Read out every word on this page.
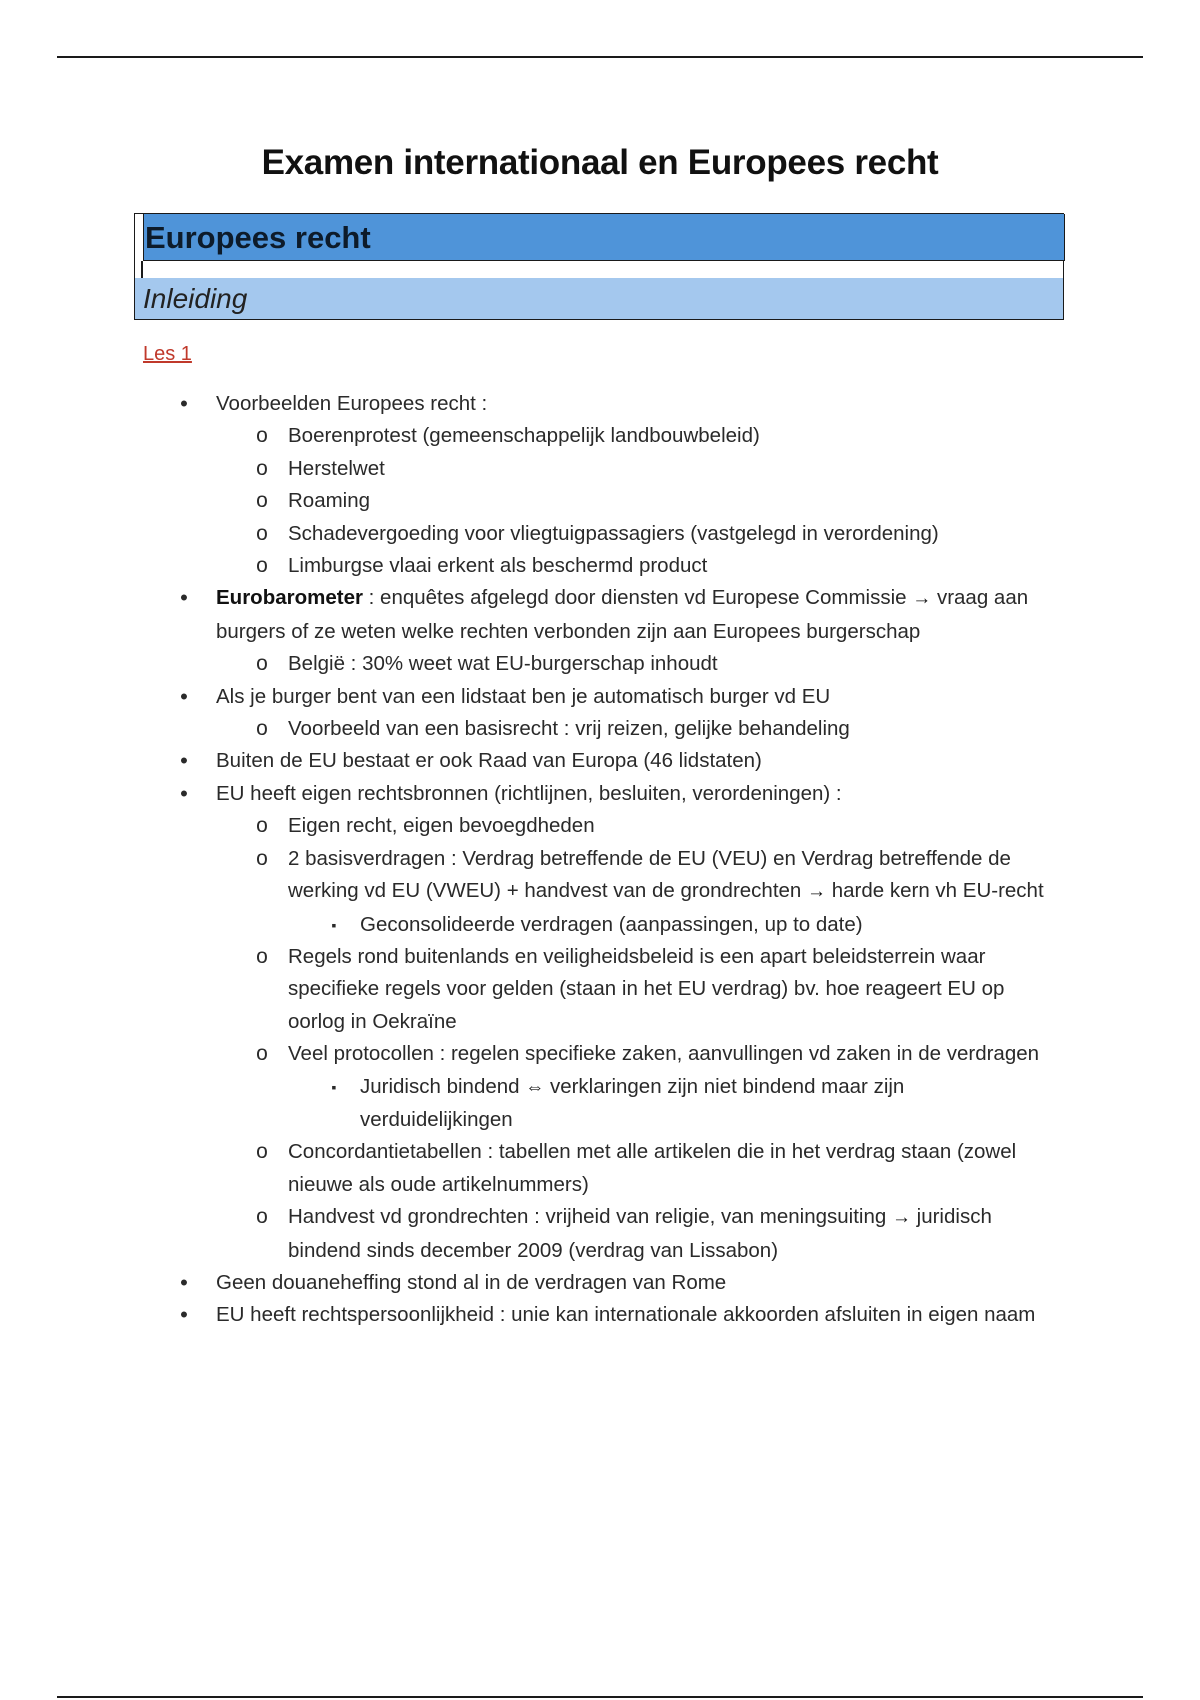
Examen internationaal en Europees recht
Europees recht
Inleiding

Les 1

•	Voorbeelden Europees recht :
o Boerenprotest (gemeenschappelijk landbouwbeleid)
o Herstelwet
o Roaming
o Schadevergoeding voor vliegtuigpassagiers (vastgelegd in verordening)
o Limburgse vlaai erkent als beschermd product
•	Eurobarometer : enquêtes afgelegd door diensten vd Europese Commissie → vraag aan burgers of ze weten welke rechten verbonden zijn aan Europees burgerschap
o België : 30% weet wat EU-burgerschap inhoudt
•	Als je burger bent van een lidstaat ben je automatisch burger vd EU
o Voorbeeld van een basisrecht : vrij reizen, gelijke behandeling
•	Buiten de EU bestaat er ook Raad van Europa (46 lidstaten)
•	EU heeft eigen rechtsbronnen (richtlijnen, besluiten, verordeningen) :
o Eigen recht, eigen bevoegdheden
o 2 basisverdragen : Verdrag betreffende de EU (VEU) en Verdrag betreffende de werking vd EU (VWEU) + handvest van de grondrechten → harde kern vh EU-recht
▪	Geconsolideerde verdragen (aanpassingen, up to date)
o Regels rond buitenlands en veiligheidsbeleid is een apart beleidsterrein waar specifieke regels voor gelden (staan in het EU verdrag) bv. hoe reageert EU op oorlog in Oekraïne
o Veel protocollen : regelen specifieke zaken, aanvullingen vd zaken in de verdragen
▪	Juridisch bindend ⇔ verklaringen zijn niet bindend maar zijn verduidelijkingen
o Concordantietabellen : tabellen met alle artikelen die in het verdrag staan (zowel nieuwe als oude artikelnummers)
o Handvest vd grondrechten : vrijheid van religie, van meningsuiting → juridisch bindend sinds december 2009 (verdrag van Lissabon)
•	Geen douaneheffing stond al in de verdragen van Rome
•	EU heeft rechtspersoonlijkheid : unie kan internationale akkoorden afsluiten in eigen naam
